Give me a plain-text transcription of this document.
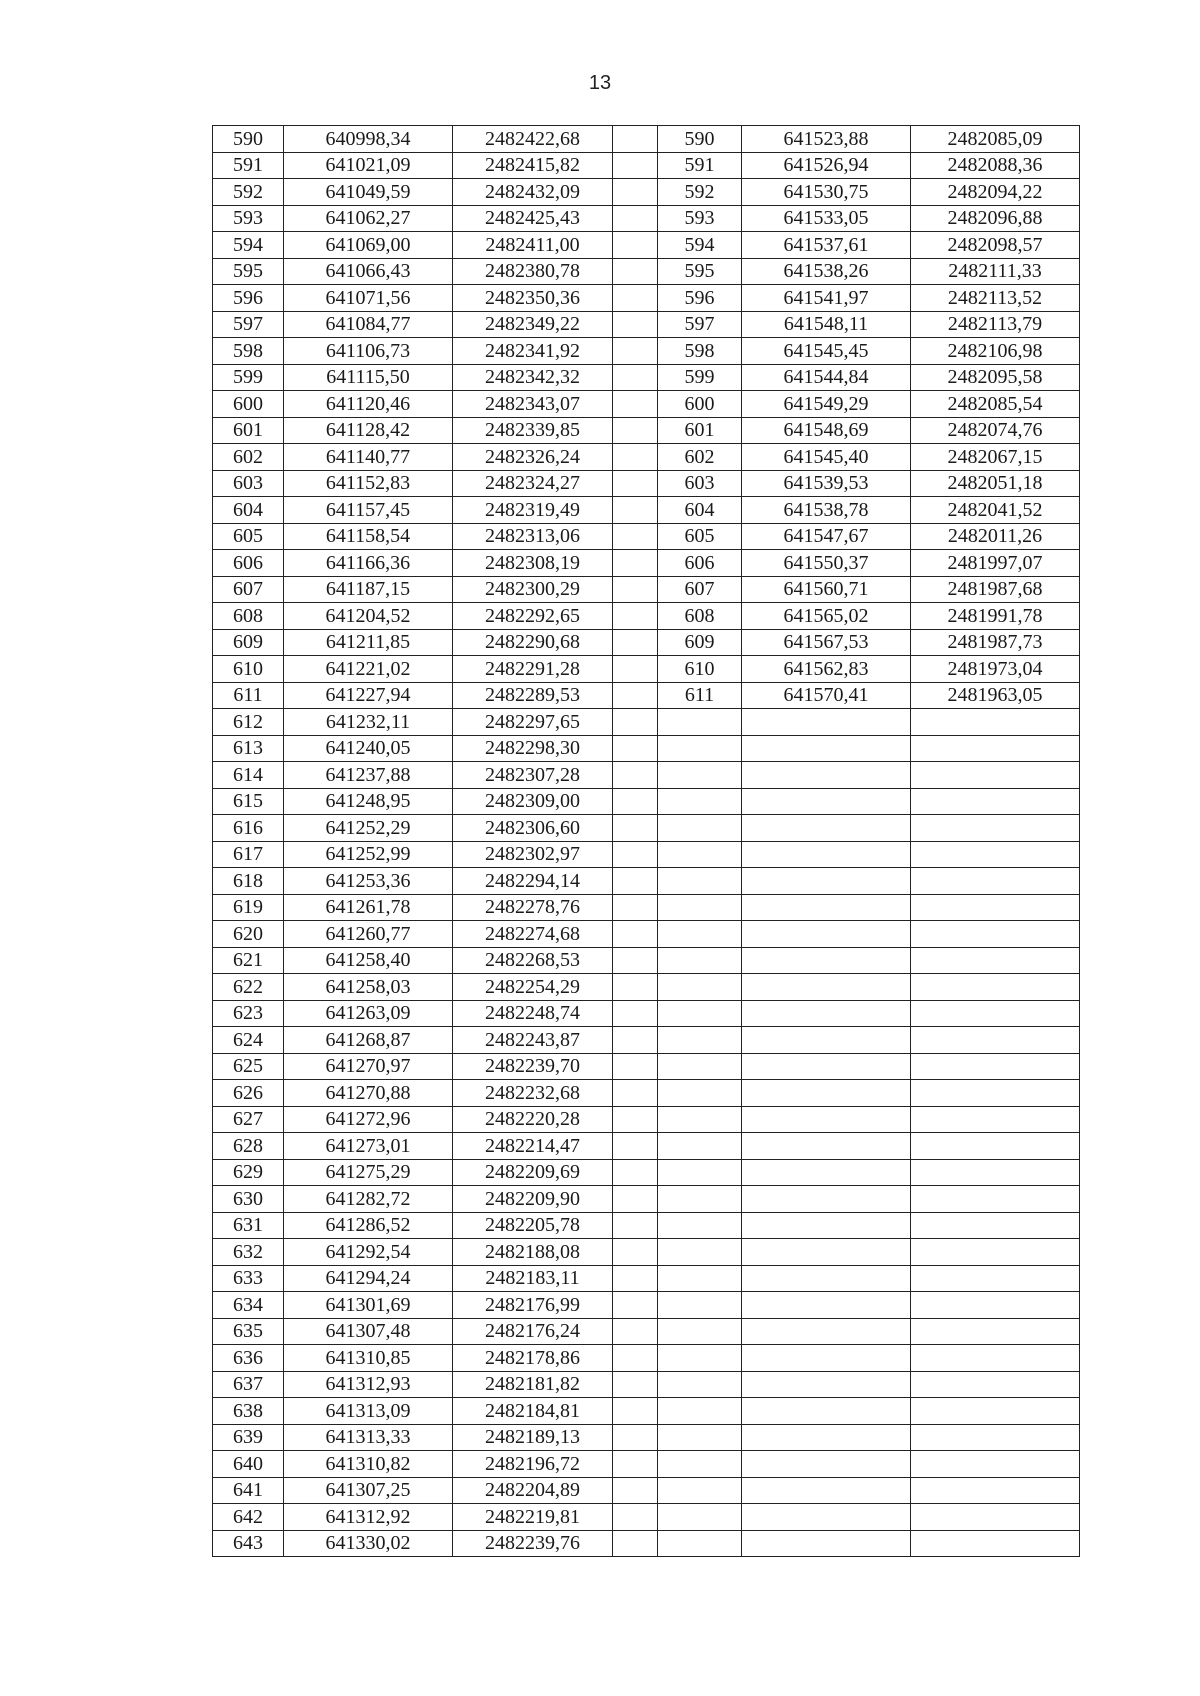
13
590	640998,34	2482422,68		590	641523,88	2482085,09
591	641021,09	2482415,82		591	641526,94	2482088,36
592	641049,59	2482432,09		592	641530,75	2482094,22
593	641062,27	2482425,43		593	641533,05	2482096,88
594	641069,00	2482411,00		594	641537,61	2482098,57
595	641066,43	2482380,78		595	641538,26	2482111,33
596	641071,56	2482350,36		596	641541,97	2482113,52
597	641084,77	2482349,22		597	641548,11	2482113,79
598	641106,73	2482341,92		598	641545,45	2482106,98
599	641115,50	2482342,32		599	641544,84	2482095,58
600	641120,46	2482343,07		600	641549,29	2482085,54
601	641128,42	2482339,85		601	641548,69	2482074,76
602	641140,77	2482326,24		602	641545,40	2482067,15
603	641152,83	2482324,27		603	641539,53	2482051,18
604	641157,45	2482319,49		604	641538,78	2482041,52
605	641158,54	2482313,06		605	641547,67	2482011,26
606	641166,36	2482308,19		606	641550,37	2481997,07
607	641187,15	2482300,29		607	641560,71	2481987,68
608	641204,52	2482292,65		608	641565,02	2481991,78
609	641211,85	2482290,68		609	641567,53	2481987,73
610	641221,02	2482291,28		610	641562,83	2481973,04
611	641227,94	2482289,53		611	641570,41	2481963,05
612	641232,11	2482297,65				
613	641240,05	2482298,30				
614	641237,88	2482307,28				
615	641248,95	2482309,00				
616	641252,29	2482306,60				
617	641252,99	2482302,97				
618	641253,36	2482294,14				
619	641261,78	2482278,76				
620	641260,77	2482274,68				
621	641258,40	2482268,53				
622	641258,03	2482254,29				
623	641263,09	2482248,74				
624	641268,87	2482243,87				
625	641270,97	2482239,70				
626	641270,88	2482232,68				
627	641272,96	2482220,28				
628	641273,01	2482214,47				
629	641275,29	2482209,69				
630	641282,72	2482209,90				
631	641286,52	2482205,78				
632	641292,54	2482188,08				
633	641294,24	2482183,11				
634	641301,69	2482176,99				
635	641307,48	2482176,24				
636	641310,85	2482178,86				
637	641312,93	2482181,82				
638	641313,09	2482184,81				
639	641313,33	2482189,13				
640	641310,82	2482196,72				
641	641307,25	2482204,89				
642	641312,92	2482219,81				
643	641330,02	2482239,76				
